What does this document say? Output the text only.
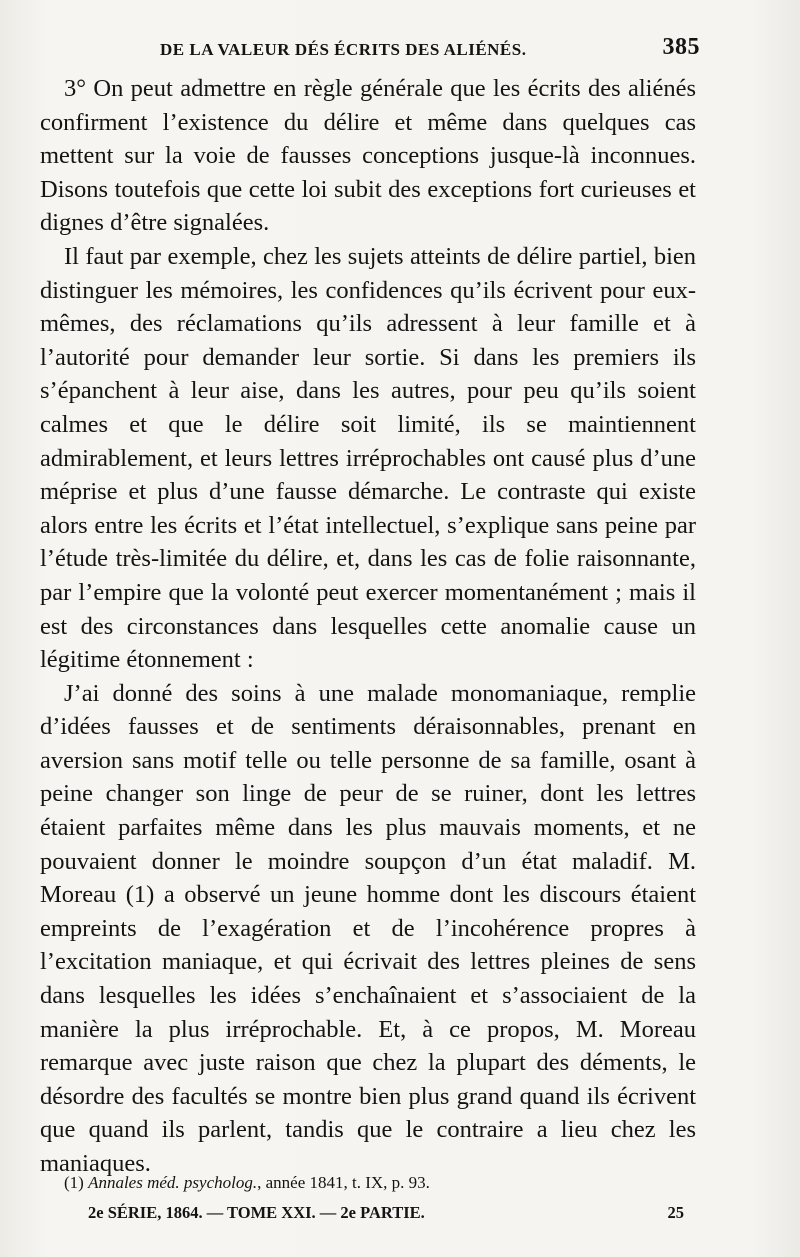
DE LA VALEUR DÉS ÉCRITS DES ALIÉNÉS.	385

3° On peut admettre en règle générale que les écrits des aliénés confirment l’existence du délire et même dans quelques cas mettent sur la voie de fausses conceptions jusque-là inconnues. Disons toutefois que cette loi subit des exceptions fort curieuses et dignes d’être signalées.

Il faut par exemple, chez les sujets atteints de délire partiel, bien distinguer les mémoires, les confidences qu’ils écrivent pour eux-mêmes, des réclamations qu’ils adressent à leur famille et à l’autorité pour demander leur sortie. Si dans les premiers ils s’épanchent à leur aise, dans les autres, pour peu qu’ils soient calmes et que le délire soit limité, ils se maintiennent admirablement, et leurs lettres irréprochables ont causé plus d’une méprise et plus d’une fausse démarche. Le contraste qui existe alors entre les écrits et l’état intellectuel, s’explique sans peine par l’étude très-limitée du délire, et, dans les cas de folie raisonnante, par l’empire que la volonté peut exercer momentanément ; mais il est des circonstances dans lesquelles cette anomalie cause un légitime étonnement :

J’ai donné des soins à une malade monomaniaque, remplie d’idées fausses et de sentiments déraisonnables, prenant en aversion sans motif telle ou telle personne de sa famille, osant à peine changer son linge de peur de se ruiner, dont les lettres étaient parfaites même dans les plus mauvais moments, et ne pouvaient donner le moindre soupçon d’un état maladif. M. Moreau (1) a observé un jeune homme dont les discours étaient empreints de l’exagération et de l’incohérence propres à l’excitation maniaque, et qui écrivait des lettres pleines de sens dans lesquelles les idées s’enchaînaient et s’associaient de la manière la plus irréprochable. Et, à ce propos, M. Moreau remarque avec juste raison que chez la plupart des déments, le désordre des facultés se montre bien plus grand quand ils écrivent que quand ils parlent, tandis que le contraire a lieu chez les maniaques.

(1) Annales méd. psycholog., année 1841, t. IX, p. 93.
2e SÉRIE, 1864. — TOME XXI. — 2e PARTIE.	25
